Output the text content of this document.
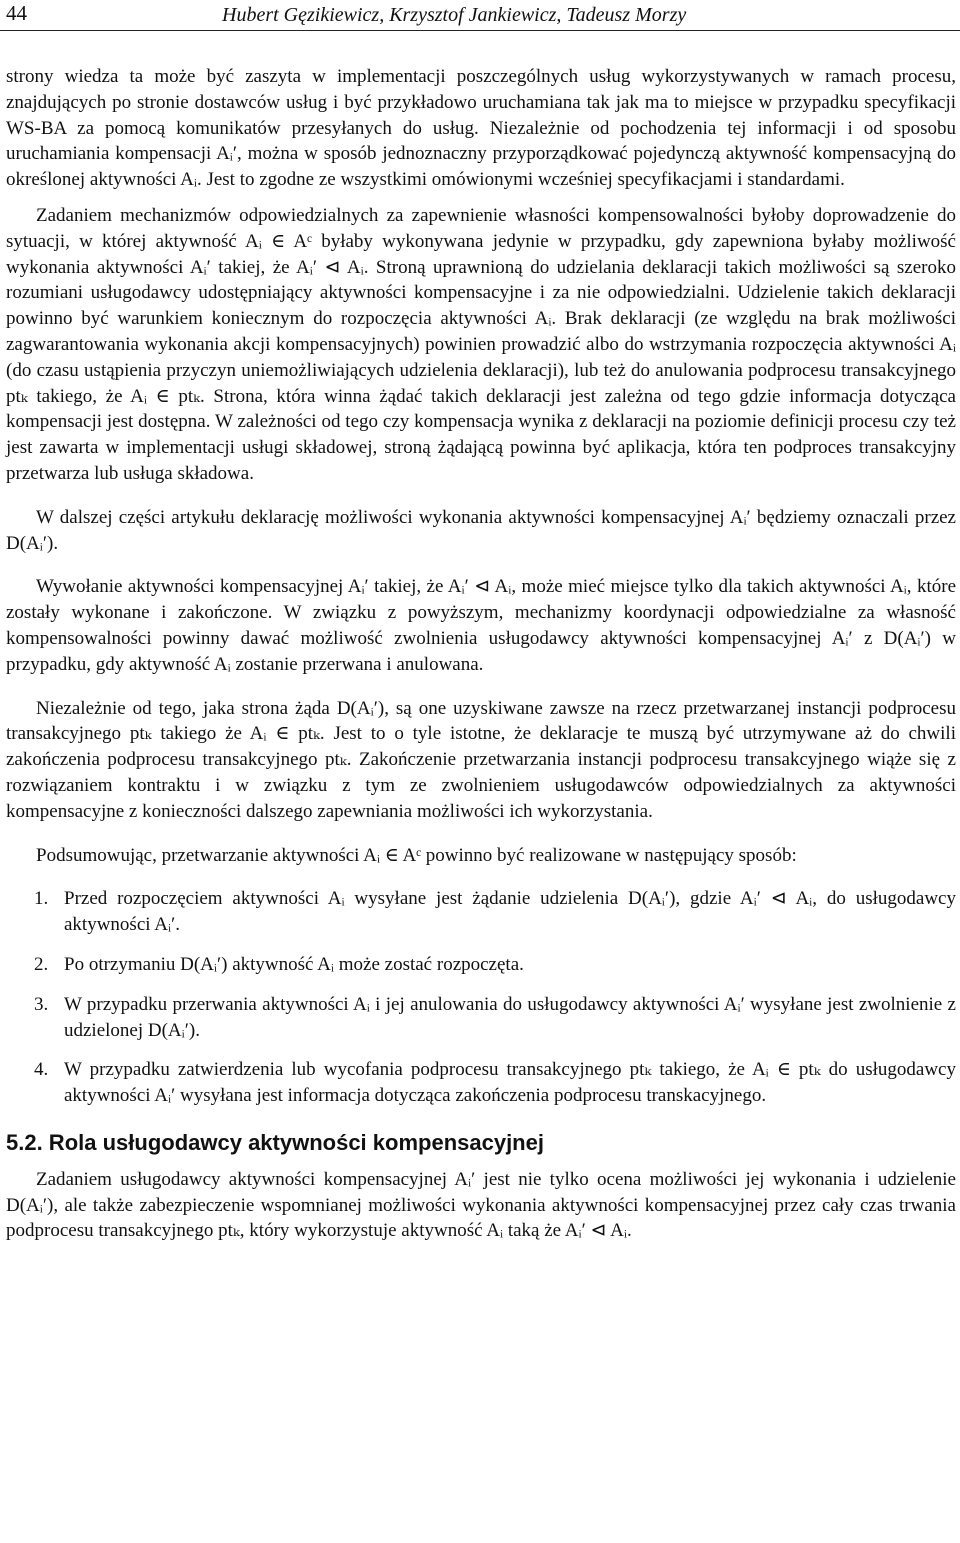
44	Hubert Gęzikiewicz, Krzysztof Jankiewicz, Tadeusz Morzy

strony wiedza ta może być zaszyta w implementacji poszczególnych usług wykorzystywanych w ramach procesu, znajdujących po stronie dostawców usług i być przykładowo uruchamiana tak jak ma to miejsce w przypadku specyfikacji WS-BA za pomocą komunikatów przesyłanych do usług. Niezależnie od pochodzenia tej informacji i od sposobu uruchamiania kompensacji Aᵢ′, można w sposób jednoznaczny przyporządkować pojedynczą aktywność kompensacyjną do określonej aktywności Aᵢ. Jest to zgodne ze wszystkimi omówionymi wcześniej specyfikacjami i standardami.

Zadaniem mechanizmów odpowiedzialnych za zapewnienie własności kompensowalności byłoby doprowadzenie do sytuacji, w której aktywność Aᵢ ∈ Aᶜ byłaby wykonywana jedynie w przypadku, gdy zapewniona byłaby możliwość wykonania aktywności Aᵢ′ takiej, że Aᵢ′ ⊲ Aᵢ. Stroną uprawnioną do udzielania deklaracji takich możliwości są szeroko rozumiani usługodawcy udostępniający aktywności kompensacyjne i za nie odpowiedzialni. Udzielenie takich deklaracji powinno być warunkiem koniecznym do rozpoczęcia aktywności Aᵢ. Brak deklaracji (ze względu na brak możliwości zagwarantowania wykonania akcji kompensacyjnych) powinien prowadzić albo do wstrzymania rozpoczęcia aktywności Aᵢ (do czasu ustąpienia przyczyn uniemożliwiających udzielenia deklaracji), lub też do anulowania podprocesu transakcyjnego ptₖ takiego, że Aᵢ ∈ ptₖ. Strona, która winna żądać takich deklaracji jest zależna od tego gdzie informacja dotycząca kompensacji jest dostępna. W zależności od tego czy kompensacja wynika z deklaracji na poziomie definicji procesu czy też jest zawarta w implementacji usługi składowej, stroną żądającą powinna być aplikacja, która ten podproces transakcyjny przetwarza lub usługa składowa.

W dalszej części artykułu deklarację możliwości wykonania aktywności kompensacyjnej Aᵢ′ będziemy oznaczali przez D(Aᵢ′).

Wywołanie aktywności kompensacyjnej Aᵢ′ takiej, że Aᵢ′ ⊲ Aᵢ, może mieć miejsce tylko dla takich aktywności Aᵢ, które zostały wykonane i zakończone. W związku z powyższym, mechanizmy koordynacji odpowiedzialne za własność kompensowalności powinny dawać możliwość zwolnienia usługodawcy aktywności kompensacyjnej Aᵢ′ z D(Aᵢ′) w przypadku, gdy aktywność Aᵢ zostanie przerwana i anulowana.

Niezależnie od tego, jaka strona żąda D(Aᵢ′), są one uzyskiwane zawsze na rzecz przetwarzanej instancji podprocesu transakcyjnego ptₖ takiego że Aᵢ ∈ ptₖ. Jest to o tyle istotne, że deklaracje te muszą być utrzymywane aż do chwili zakończenia podprocesu transakcyjnego ptₖ. Zakończenie przetwarzania instancji podprocesu transakcyjnego wiąże się z rozwiązaniem kontraktu i w związku z tym ze zwolnieniem usługodawców odpowiedzialnych za aktywności kompensacyjne z konieczności dalszego zapewniania możliwości ich wykorzystania.

Podsumowując, przetwarzanie aktywności Aᵢ ∈ Aᶜ powinno być realizowane w następujący sposób:

1. Przed rozpoczęciem aktywności Aᵢ wysyłane jest żądanie udzielenia D(Aᵢ′), gdzie Aᵢ′ ⊲ Aᵢ, do usługodawcy aktywności Aᵢ′.
2. Po otrzymaniu D(Aᵢ′) aktywność Aᵢ może zostać rozpoczęta.
3. W przypadku przerwania aktywności Aᵢ i jej anulowania do usługodawcy aktywności Aᵢ′ wysyłane jest zwolnienie z udzielonej D(Aᵢ′).
4. W przypadku zatwierdzenia lub wycofania podprocesu transakcyjnego ptₖ takiego, że Aᵢ ∈ ptₖ do usługodawcy aktywności Aᵢ′ wysyłana jest informacja dotycząca zakończenia podprocesu transkacyjnego.
5.2. Rola usługodawcy aktywności kompensacyjnej

Zadaniem usługodawcy aktywności kompensacyjnej Aᵢ′ jest nie tylko ocena możliwości jej wykonania i udzielenie D(Aᵢ′), ale także zabezpieczenie wspomnianej możliwości wykonania aktywności kompensacyjnej przez cały czas trwania podprocesu transakcyjnego ptₖ, który wykorzystuje aktywność Aᵢ taką że Aᵢ′ ⊲ Aᵢ.
